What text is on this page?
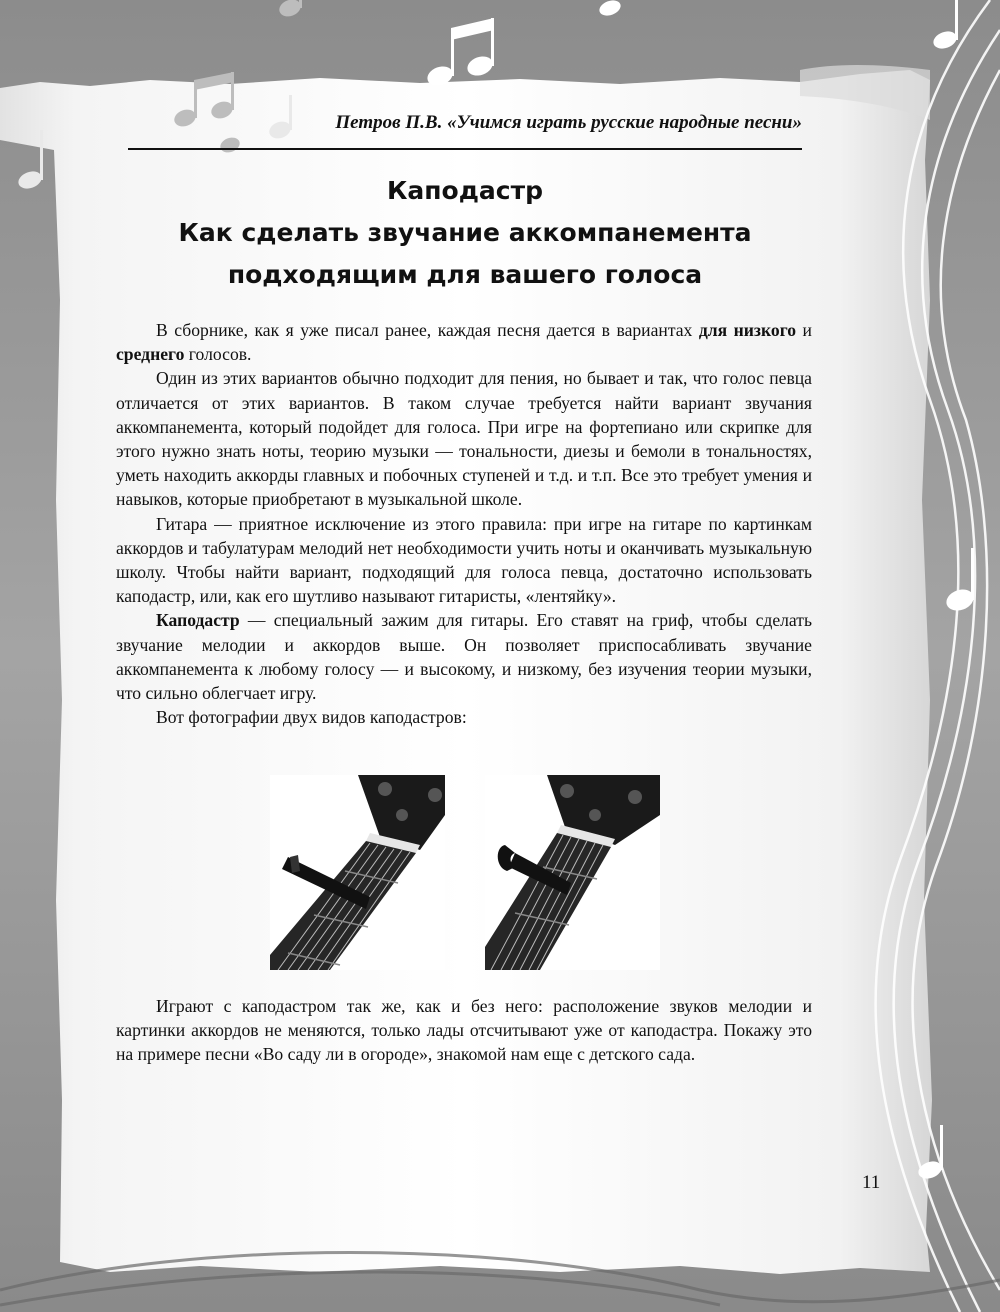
Петров П.В. «Учимся играть русские народные песни»
Каподастр
Как сделать звучание аккомпанемента
подходящим для вашего голоса

В сборнике, как я уже писал ранее, каждая песня дается в вариантах для низкого и среднего голосов.

Один из этих вариантов обычно подходит для пения, но бывает и так, что голос певца отличается от этих вариантов. В таком случае требуется найти вариант звучания аккомпанемента, который подойдет для голоса. При игре на фортепиано или скрипке для этого нужно знать ноты, теорию музыки — тональности, диезы и бемоли в тональностях, уметь находить аккорды главных и побочных ступеней и т.д. и т.п. Все это требует умения и навыков, которые приобретают в музыкальной школе.

Гитара — приятное исключение из этого правила: при игре на гитаре по картинкам аккордов и табулатурам мелодий нет необходимости учить ноты и оканчивать музыкальную школу. Чтобы найти вариант, подходящий для голоса певца, достаточно использовать каподастр, или, как его шутливо называют гитаристы, «лентяйку».

Каподастр — специальный зажим для гитары. Его ставят на гриф, чтобы сделать звучание мелодии и аккордов выше. Он позволяет приспосабливать звучание аккомпанемента к любому голосу — и высокому, и низкому, без изучения теории музыки, что сильно облегчает игру.

Вот фотографии двух видов каподастров:

Играют с каподастром так же, как и без него: расположение звуков мелодии и картинки аккордов не меняются, только лады отсчитывают уже от каподастра. Покажу это на примере песни «Во саду ли в огороде», знакомой нам еще с детского сада.

11
